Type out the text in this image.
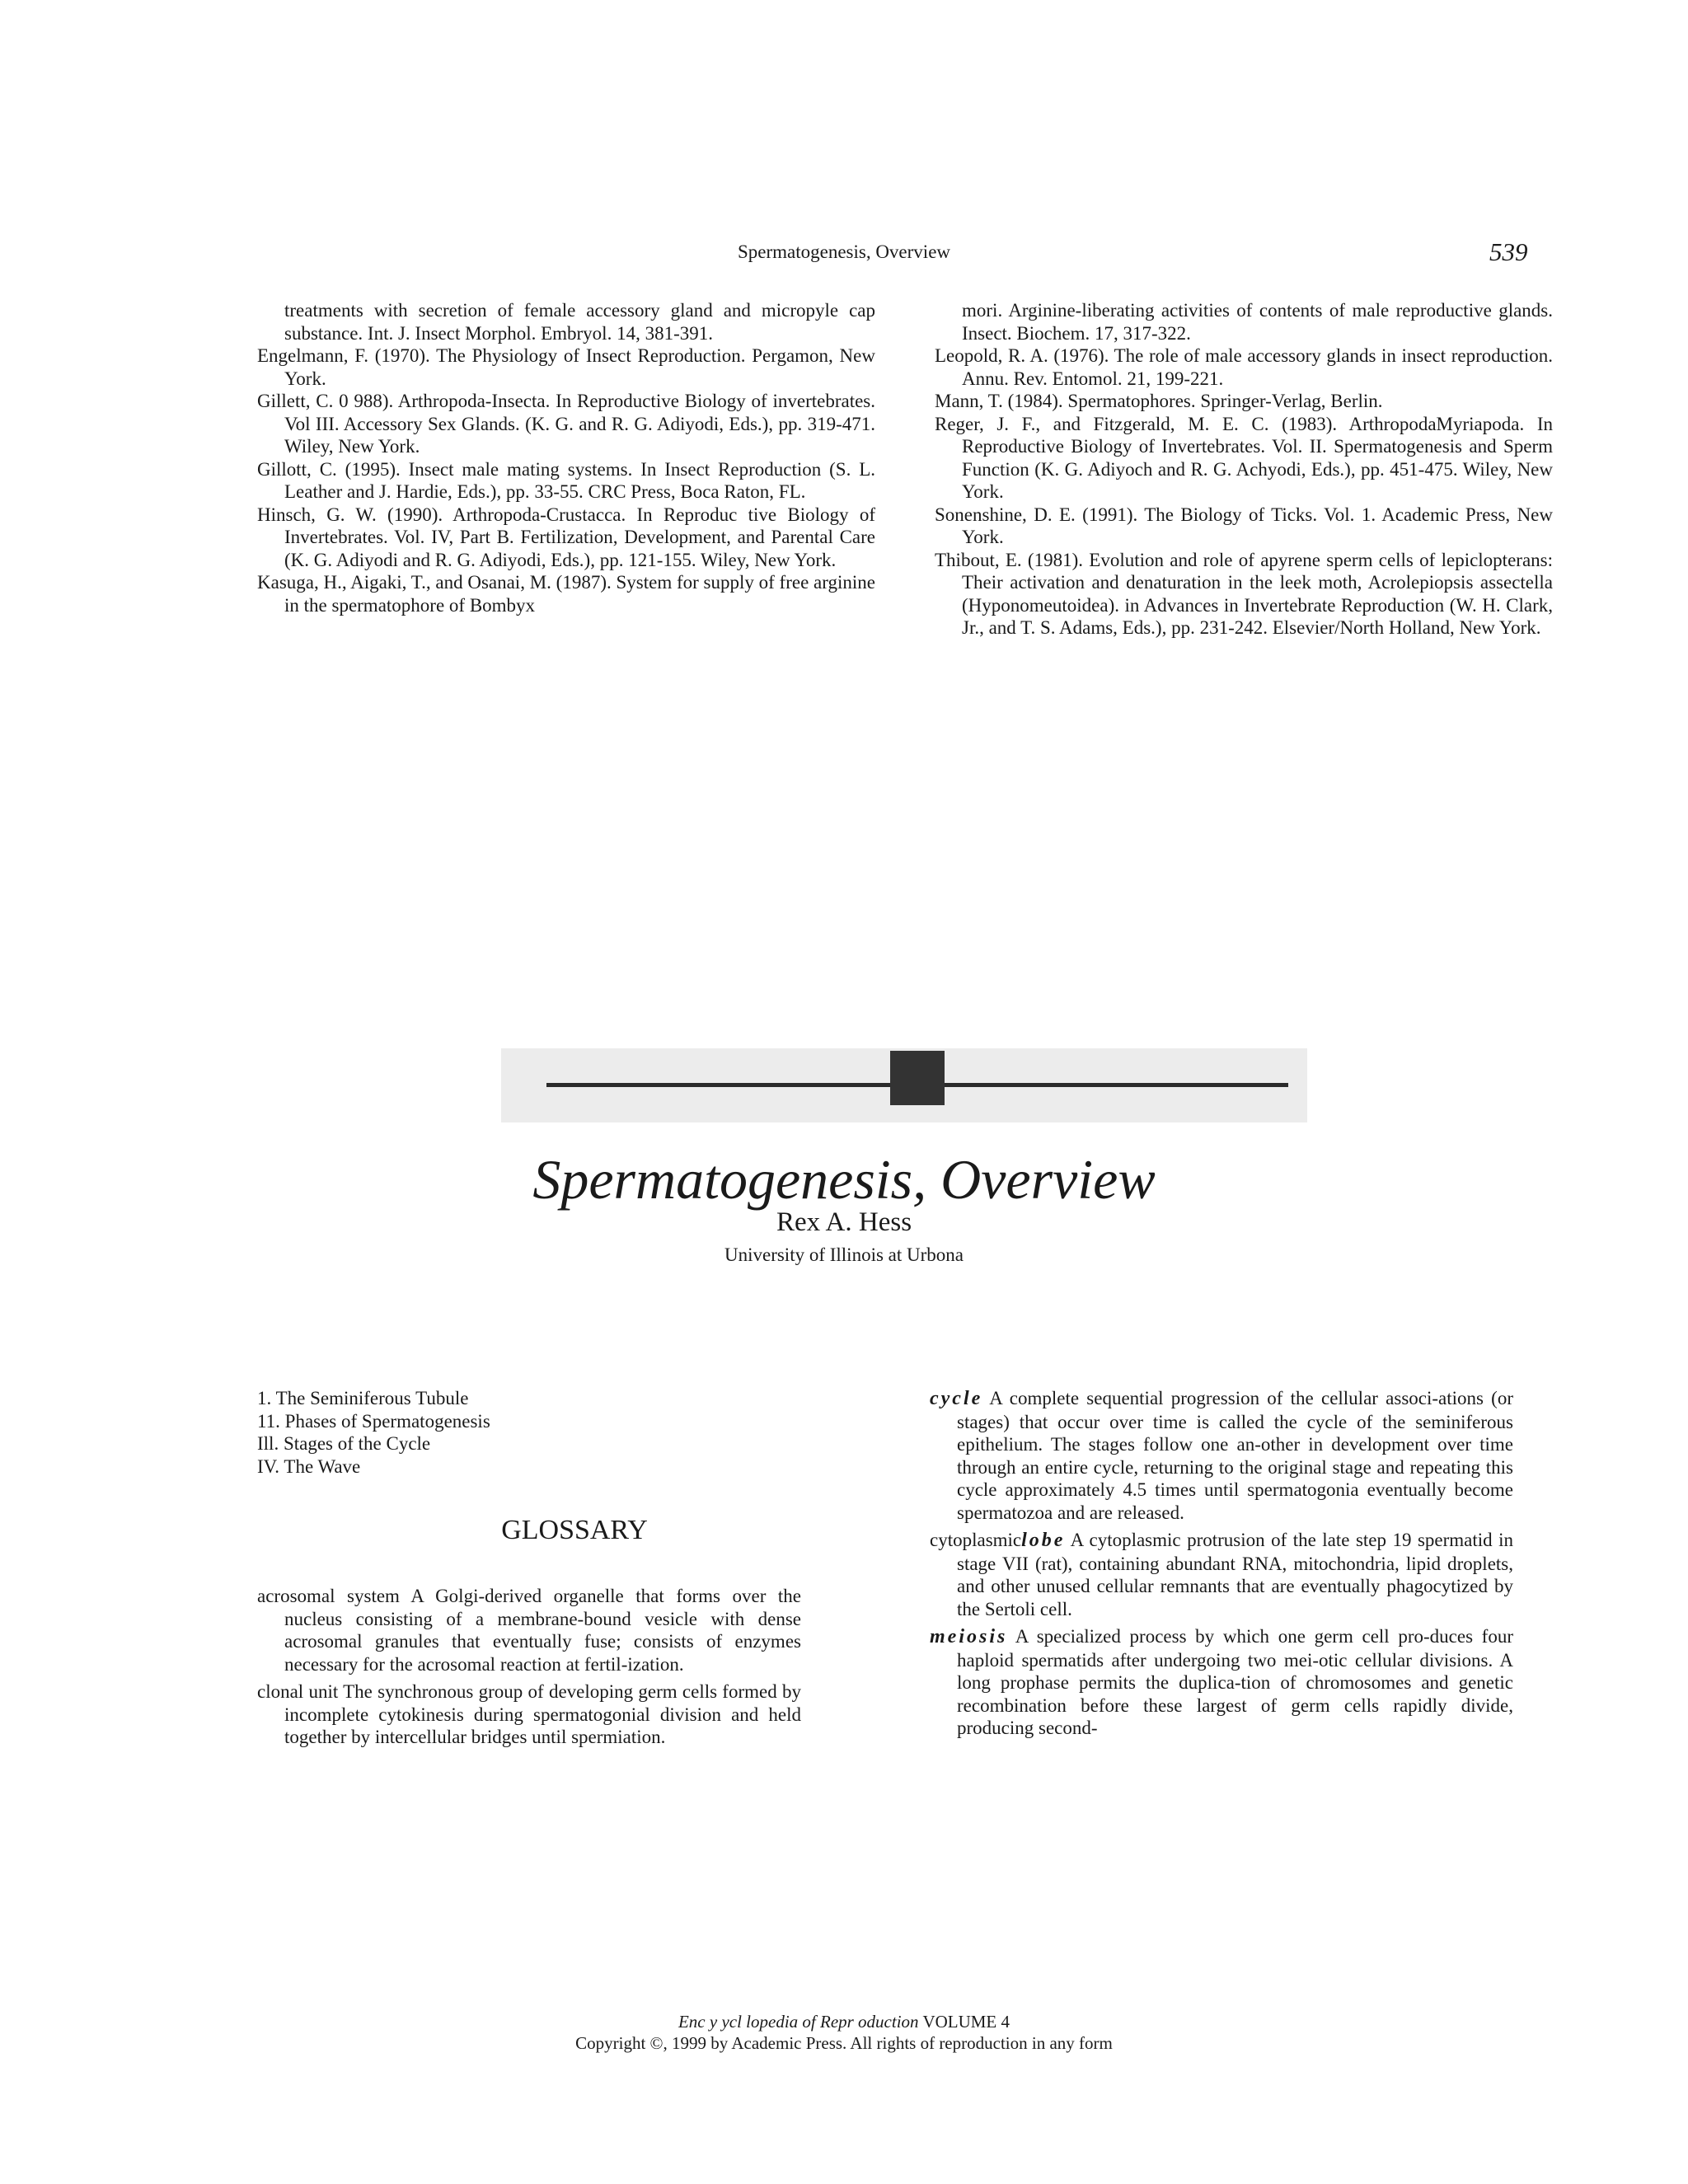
Spermatogenesis, Overview	539

treatments with secretion of female accessory gland and micropyle cap substance. Int. J. Insect Morphol. Embryol. 14, 381-391.

Engelmann, F. (1970). The Physiology of Insect Reproduction. Pergamon, New York.

Gillett, C. 0 988). Arthropoda-Insecta. In Reproductive Biology of invertebrates. Vol III. Accessory Sex Glands. (K. G. and R. G. Adiyodi, Eds.), pp. 319-471. Wiley, New York.

Gillott, C. (1995). Insect male mating systems. In Insect Reproduction (S. L. Leather and J. Hardie, Eds.), pp. 33-55. CRC Press, Boca Raton, FL.

Hinsch, G. W. (1990). Arthropoda-Crustacca. In Reproduc tive Biology of Invertebrates. Vol. IV, Part B. Fertilization, Development, and Parental Care (K. G. Adiyodi and R. G. Adiyodi, Eds.), pp. 121-155. Wiley, New York.

Kasuga, H., Aigaki, T., and Osanai, M. (1987). System for supply of free arginine in the spermatophore of Bombyx

mori. Arginine-liberating activities of contents of male reproductive glands. Insect. Biochem. 17, 317-322.

Leopold, R. A. (1976). The role of male accessory glands in insect reproduction. Annu. Rev. Entomol. 21, 199-221.

Mann, T. (1984). Spermatophores. Springer-Verlag, Berlin.

Reger, J. F., and Fitzgerald, M. E. C. (1983). ArthropodaMyriapoda. In Reproductive Biology of Invertebrates. Vol. II. Spermatogenesis and Sperm Function (K. G. Adiyoch and R. G. Achyodi, Eds.), pp. 451-475. Wiley, New York.

Sonenshine, D. E. (1991). The Biology of Ticks. Vol. 1. Academic Press, New York.

Thibout, E. (1981). Evolution and role of apyrene sperm cells of lepiclopterans: Their activation and denaturation in the leek moth, Acrolepiopsis assectella (Hyponomeutoidea). in Advances in Invertebrate Reproduction (W. H. Clark, Jr., and T. S. Adams, Eds.), pp. 231-242. Elsevier/North Holland, New York.

Spermatogenesis, Overview
Rex A. Hess
University of Illinois at Urbona
1. The Seminiferous Tubule
11. Phases of Spermatogenesis
Ill. Stages of the Cycle
IV. The Wave
GLOSSARY

acrosomal system A Golgi-derived organelle that forms over the nucleus consisting of a membrane-bound vesicle with dense acrosomal granules that eventually fuse; consists of enzymes necessary for the acrosomal reaction at fertil-ization.

clonal unit The synchronous group of developing germ cells formed by incomplete cytokinesis during spermatogonial division and held together by intercellular bridges until spermiation.

cycle A complete sequential progression of the cellular associ-ations (or stages) that occur over time is called the cycle of the seminiferous epithelium. The stages follow one an-other in development over time through an entire cycle, returning to the original stage and repeating this cycle approximately 4.5 times until spermatogonia eventually become spermatozoa and are released.

cytoplasmiclobe A cytoplasmic protrusion of the late step 19 spermatid in stage VII (rat), containing abundant RNA, mitochondria, lipid droplets, and other unused cellular remnants that are eventually phagocytized by the Sertoli cell.

meiosis A specialized process by which one germ cell pro-duces four haploid spermatids after undergoing two mei-otic cellular divisions. A long prophase permits the duplica-tion of chromosomes and genetic recombination before these largest of germ cells rapidly divide, producing second-

Enc y ycl lopedia of Repr oduction VOLUME 4
Copyright ©, 1999 by Academic Press. All rights of reproduction in any form
